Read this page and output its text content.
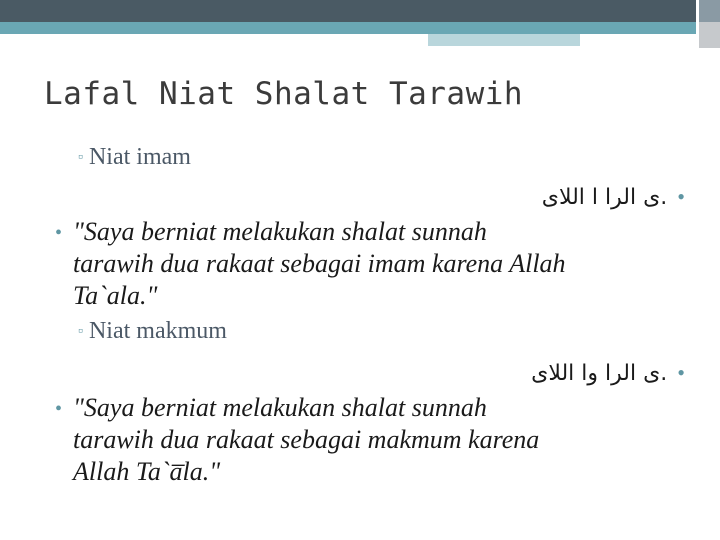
Lafal Niat Shalat Tarawih
▫ Niat imam
.ى الرا ا اللاى •
• "Saya berniat melakukan shalat sunnah
tarawih dua rakaat sebagai imam karena Allah
Ta`ala."
▫ Niat makmum
.ى الرا وا اللاى •
• "Saya berniat melakukan shalat sunnah
tarawih dua rakaat sebagai makmum karena
Allah Ta`a̅la."
